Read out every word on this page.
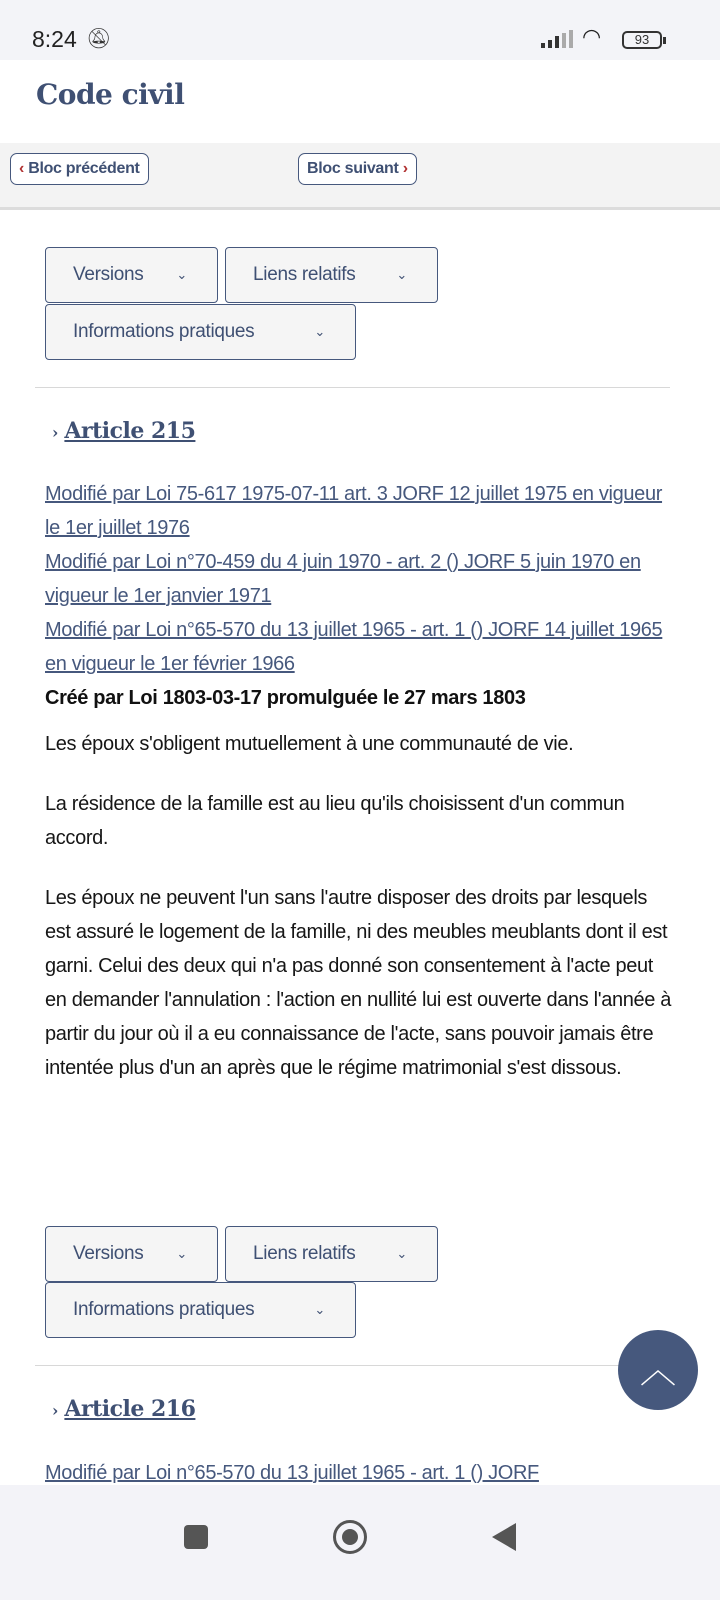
8:24 🔕︎	◠	93
Code civil
‹ Bloc précédent	Bloc suivant ›
Versions	⌄	Liens relatifs	⌄
Informations pratiques	⌄
› Article 215
Modifié par Loi 75-617 1975-07-11 art. 3 JORF 12 juillet 1975 en vigueur le 1er juillet 1976
Modifié par Loi n°70-459 du 4 juin 1970 - art. 2 () JORF 5 juin 1970 en vigueur le 1er janvier 1971
Modifié par Loi n°65-570 du 13 juillet 1965 - art. 1 () JORF 14 juillet 1965 en vigueur le 1er février 1966
Créé par Loi 1803-03-17 promulguée le 27 mars 1803

Les époux s'obligent mutuellement à une communauté de vie.

La résidence de la famille est au lieu qu'ils choisissent d'un commun accord.

Les époux ne peuvent l'un sans l'autre disposer des droits par lesquels est assuré le logement de la famille, ni des meubles meublants dont il est garni. Celui des deux qui n'a pas donné son consentement à l'acte peut en demander l'annulation : l'action en nullité lui est ouverte dans l'année à partir du jour où il a eu connaissance de l'acte, sans pouvoir jamais être intentée plus d'un an après que le régime matrimonial s'est dissous.

Versions	⌄	Liens relatifs	⌄
Informations pratiques	⌄
› Article 216
Modifié par Loi n°65-570 du 13 juillet 1965 - art. 1 () JORF
︿
